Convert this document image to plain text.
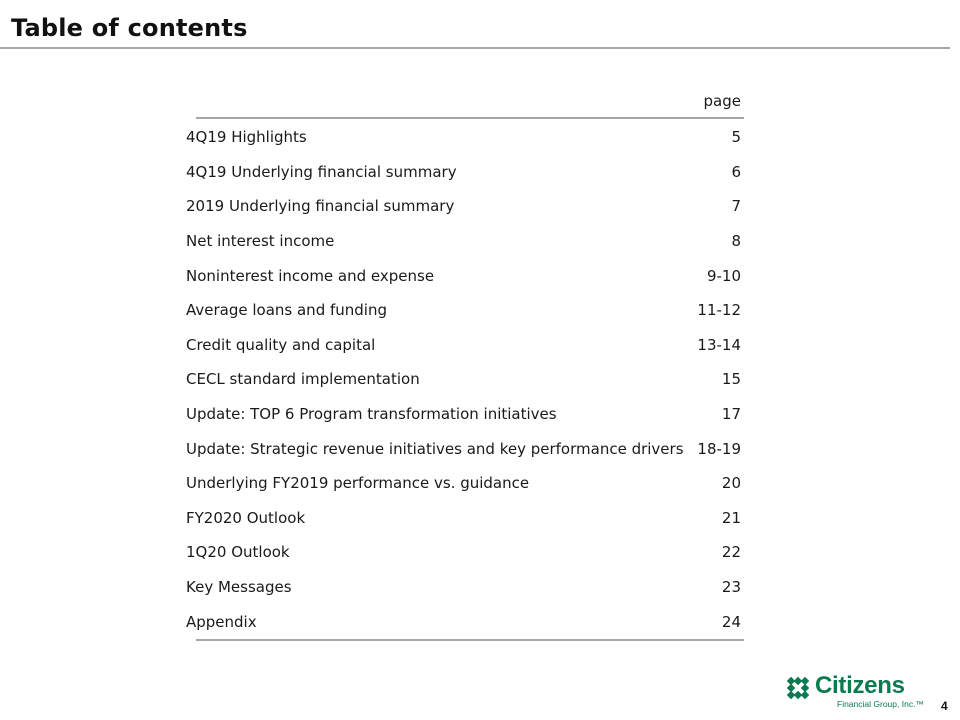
Table of contents
page
4Q19 Highlights	5
4Q19 Underlying financial summary	6
2019 Underlying financial summary	7
Net interest income	8
Noninterest income and expense	9-10
Average loans and funding	11-12
Credit quality and capital	13-14
CECL standard implementation	15
Update: TOP 6 Program transformation initiatives	17
Update: Strategic revenue initiatives and key performance drivers 18-19
Underlying FY2019 performance vs. guidance	20
FY2020 Outlook	21
1Q20 Outlook	22
Key Messages	23
Appendix	24
Citizens
Financial Group, Inc.™ 4
